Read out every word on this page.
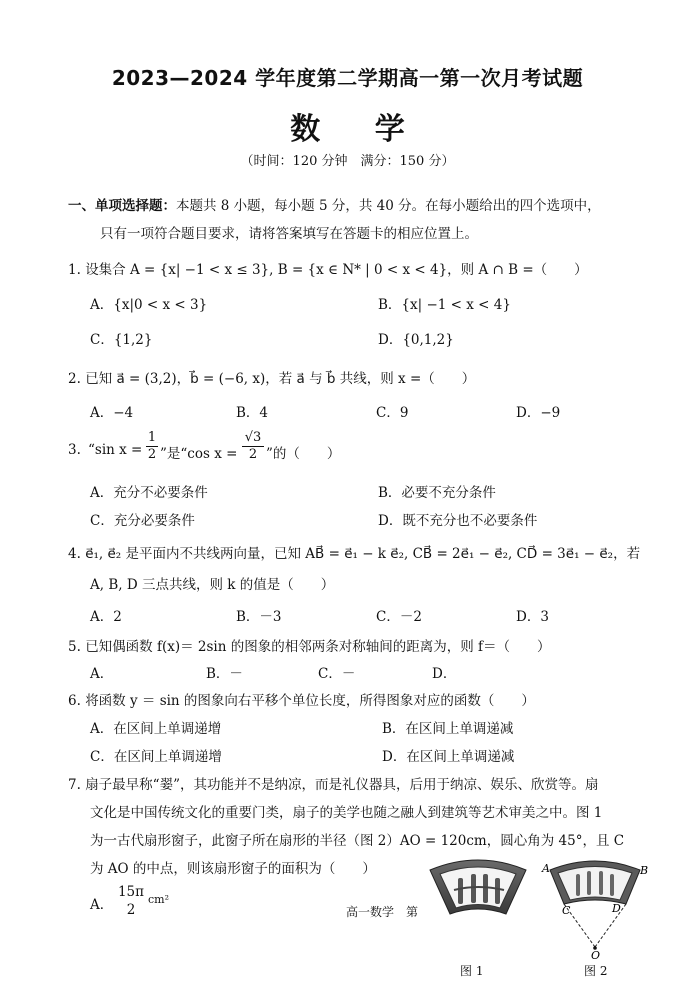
2023—2024 学年度第二学期高一第一次月考试题
数 学
（时间：120 分钟　满分：150 分）
一、单项选择题：本题共 8 小题，每小题 5 分，共 40 分。在每小题给出的四个选项中，
只有一项符合题目要求，请将答案填写在答题卡的相应位置上。
1. 设集合 A = {x| −1 < x ≤ 3}, B = {x ∈ N* | 0 < x < 4}，则 A ∩ B =（　　）
A．{x|0 < x < 3}	B．{x| −1 < x < 4}
C．{1,2}	D．{0,1,2}
2. 已知 a⃗ = (3,2)，b⃗ = (−6, x)，若 a⃗ 与 b⃗ 共线，则 x =（　　）
A．−4	B．4	C．9	D．−9
3. “sin $x = \frac{1}{2}$ ”是“cos $x = \frac{√3}{2}$ ”的（　　）
A．充分不必要条件	B．必要不充分条件
C．充分必要条件	D．既不充分也不必要条件
4. e⃗₁, e⃗₂ 是平面内不共线两向量，已知 AB⃗ = e⃗₁ − k e⃗₂, CB⃗ = 2e⃗₁ − e⃗₂, CD⃗ = 3e⃗₁ − e⃗₂，若
A, B, D 三点共线，则 k 的值是（　　）
A．2	B．－3	C．－2	D．3
5. 已知偶函数 f(x)＝ 2sin 的图象的相邻两条对称轴间的距离为，则 f＝（　　）
A．	B．－	C．－	D．
6. 将函数 y ＝ sin 的图象向右平移个单位长度，所得图象对应的函数（　　）
A．在区间上单调递增	B．在区间上单调递减
C．在区间上单调递增	D．在区间上单调递减
7. 扇子最早称“翣”，其功能并不是纳凉，而是礼仪器具，后用于纳凉、娱乐、欣赏等。扇
文化是中国传统文化的重要门类，扇子的美学也随之融人到建筑等艺术审美之中。图 1
为一古代扇形窗子，此窗子所在扇形的半径（图 2）AO = 120cm，圆心角为 45°，且 C
为 AO 的中点，则该扇形窗子的面积为（　　）
A．
15π
2
cm²
高一数学　第
A	B
C	D
O
图 1	图 2
